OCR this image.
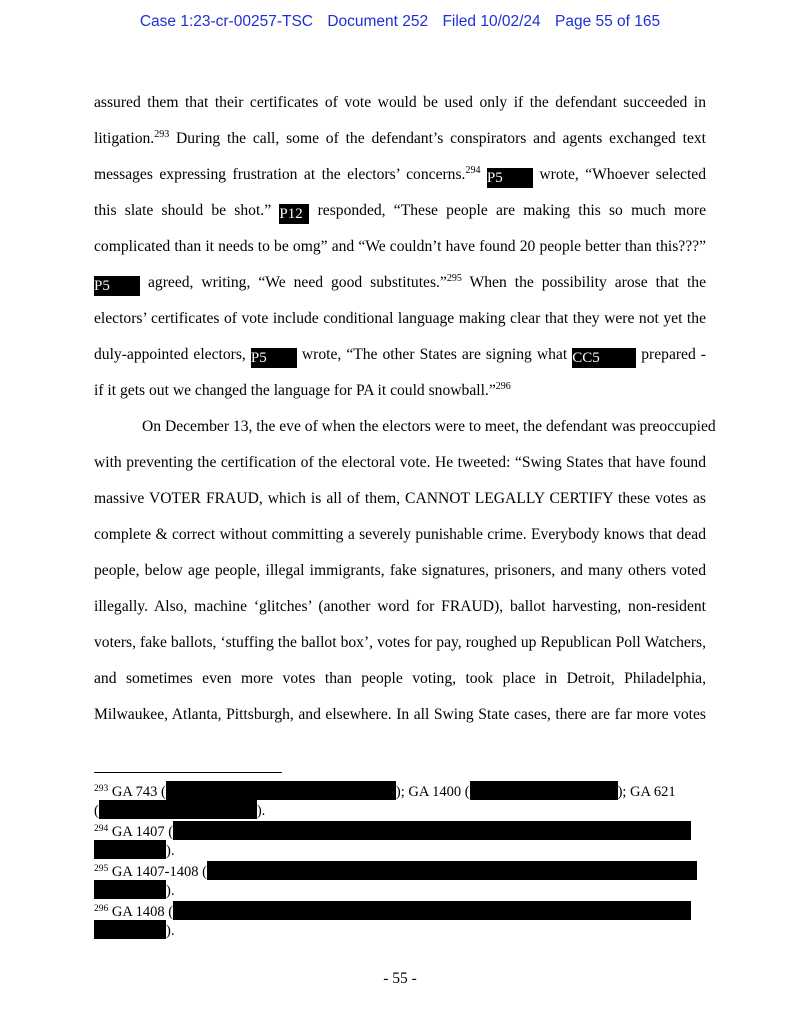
Case 1:23-cr-00257-TSC Document 252 Filed 10/02/24 Page 55 of 165
assured them that their certificates of vote would be used only if the defendant succeeded in
litigation.$^{293}$ During the call, some of the defendant’s conspirators and agents exchanged text
messages expressing frustration at the electors’ concerns.$^{294}$ P5 wrote, “Whoever selected
this slate should be shot.” P12 responded, “These people are making this so much more
complicated than it needs to be omg” and “We couldn’t have found 20 people better than this???”
P5 agreed, writing, “We need good substitutes.”$^{295}$ When the possibility arose that the
electors’ certificates of vote include conditional language making clear that they were not yet the
duly-appointed electors, P5 wrote, “The other States are signing what CC5	prepared -
if it gets out we changed the language for PA it could snowball.”$^{296}$
On December 13, the eve of when the electors were to meet, the defendant was preoccupied
with preventing the certification of the electoral vote. He tweeted: “Swing States that have found
massive VOTER FRAUD, which is all of them, CANNOT LEGALLY CERTIFY these votes as
complete & correct without committing a severely punishable crime. Everybody knows that dead
people, below age people, illegal immigrants, fake signatures, prisoners, and many others voted
illegally. Also, machine ‘glitches’ (another word for FRAUD), ballot harvesting, non-resident
voters, fake ballots, ‘stuffing the ballot box’, votes for pay, roughed up Republican Poll Watchers,
and sometimes even more votes than people voting, took place in Detroit, Philadelphia,
Milwaukee, Atlanta, Pittsburgh, and elsewhere. In all Swing State cases, there are far more votes
$^{293}$ GA 743 (	); GA 1400 (	); GA 621
(	).
$^{294}$ GA 1407 (
).
$^{295}$ GA 1407-1408 (
).
$^{296}$ GA 1408 (
).
- 55 -
